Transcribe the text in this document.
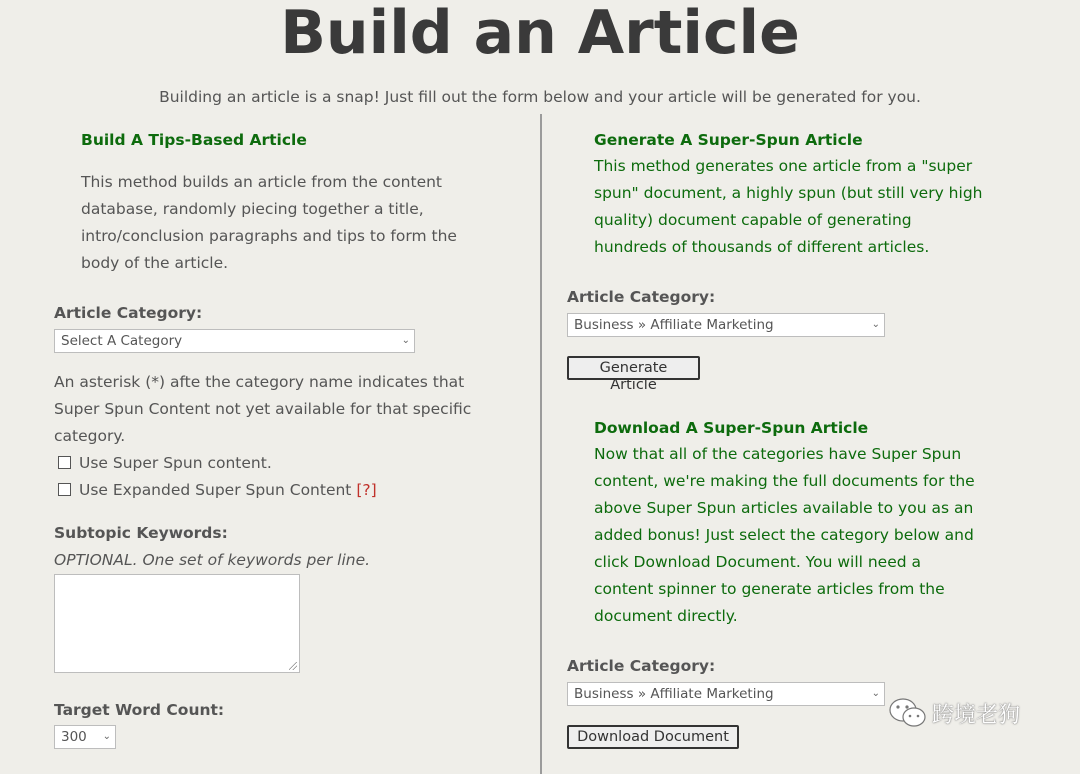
Build an Article
Building an article is a snap! Just fill out the form below and your article will be generated for you.
Build A Tips-Based Article
This method builds an article from the content
database, randomly piecing together a title,
intro/conclusion paragraphs and tips to form the
body of the article.
Article Category:
Select A Category	⌄
An asterisk (*) afte the category name indicates that
Super Spun Content not yet available for that specific
category.
Use Super Spun content.
Use Expanded Super Spun Content [?]
Subtopic Keywords:
OPTIONAL. One set of keywords per line.
Target Word Count:
300 ⌄
Generate A Super-Spun Article
This method generates one article from a "super
spun" document, a highly spun (but still very high
quality) document capable of generating
hundreds of thousands of different articles.
Article Category:
Business » Affiliate Marketing	⌄
Generate Article
Download A Super-Spun Article
Now that all of the categories have Super Spun
content, we're making the full documents for the
above Super Spun articles available to you as an
added bonus! Just select the category below and
click Download Document. You will need a
content spinner to generate articles from the
document directly.
Article Category:
Business » Affiliate Marketing	⌄
Download Document
跨境老狗
